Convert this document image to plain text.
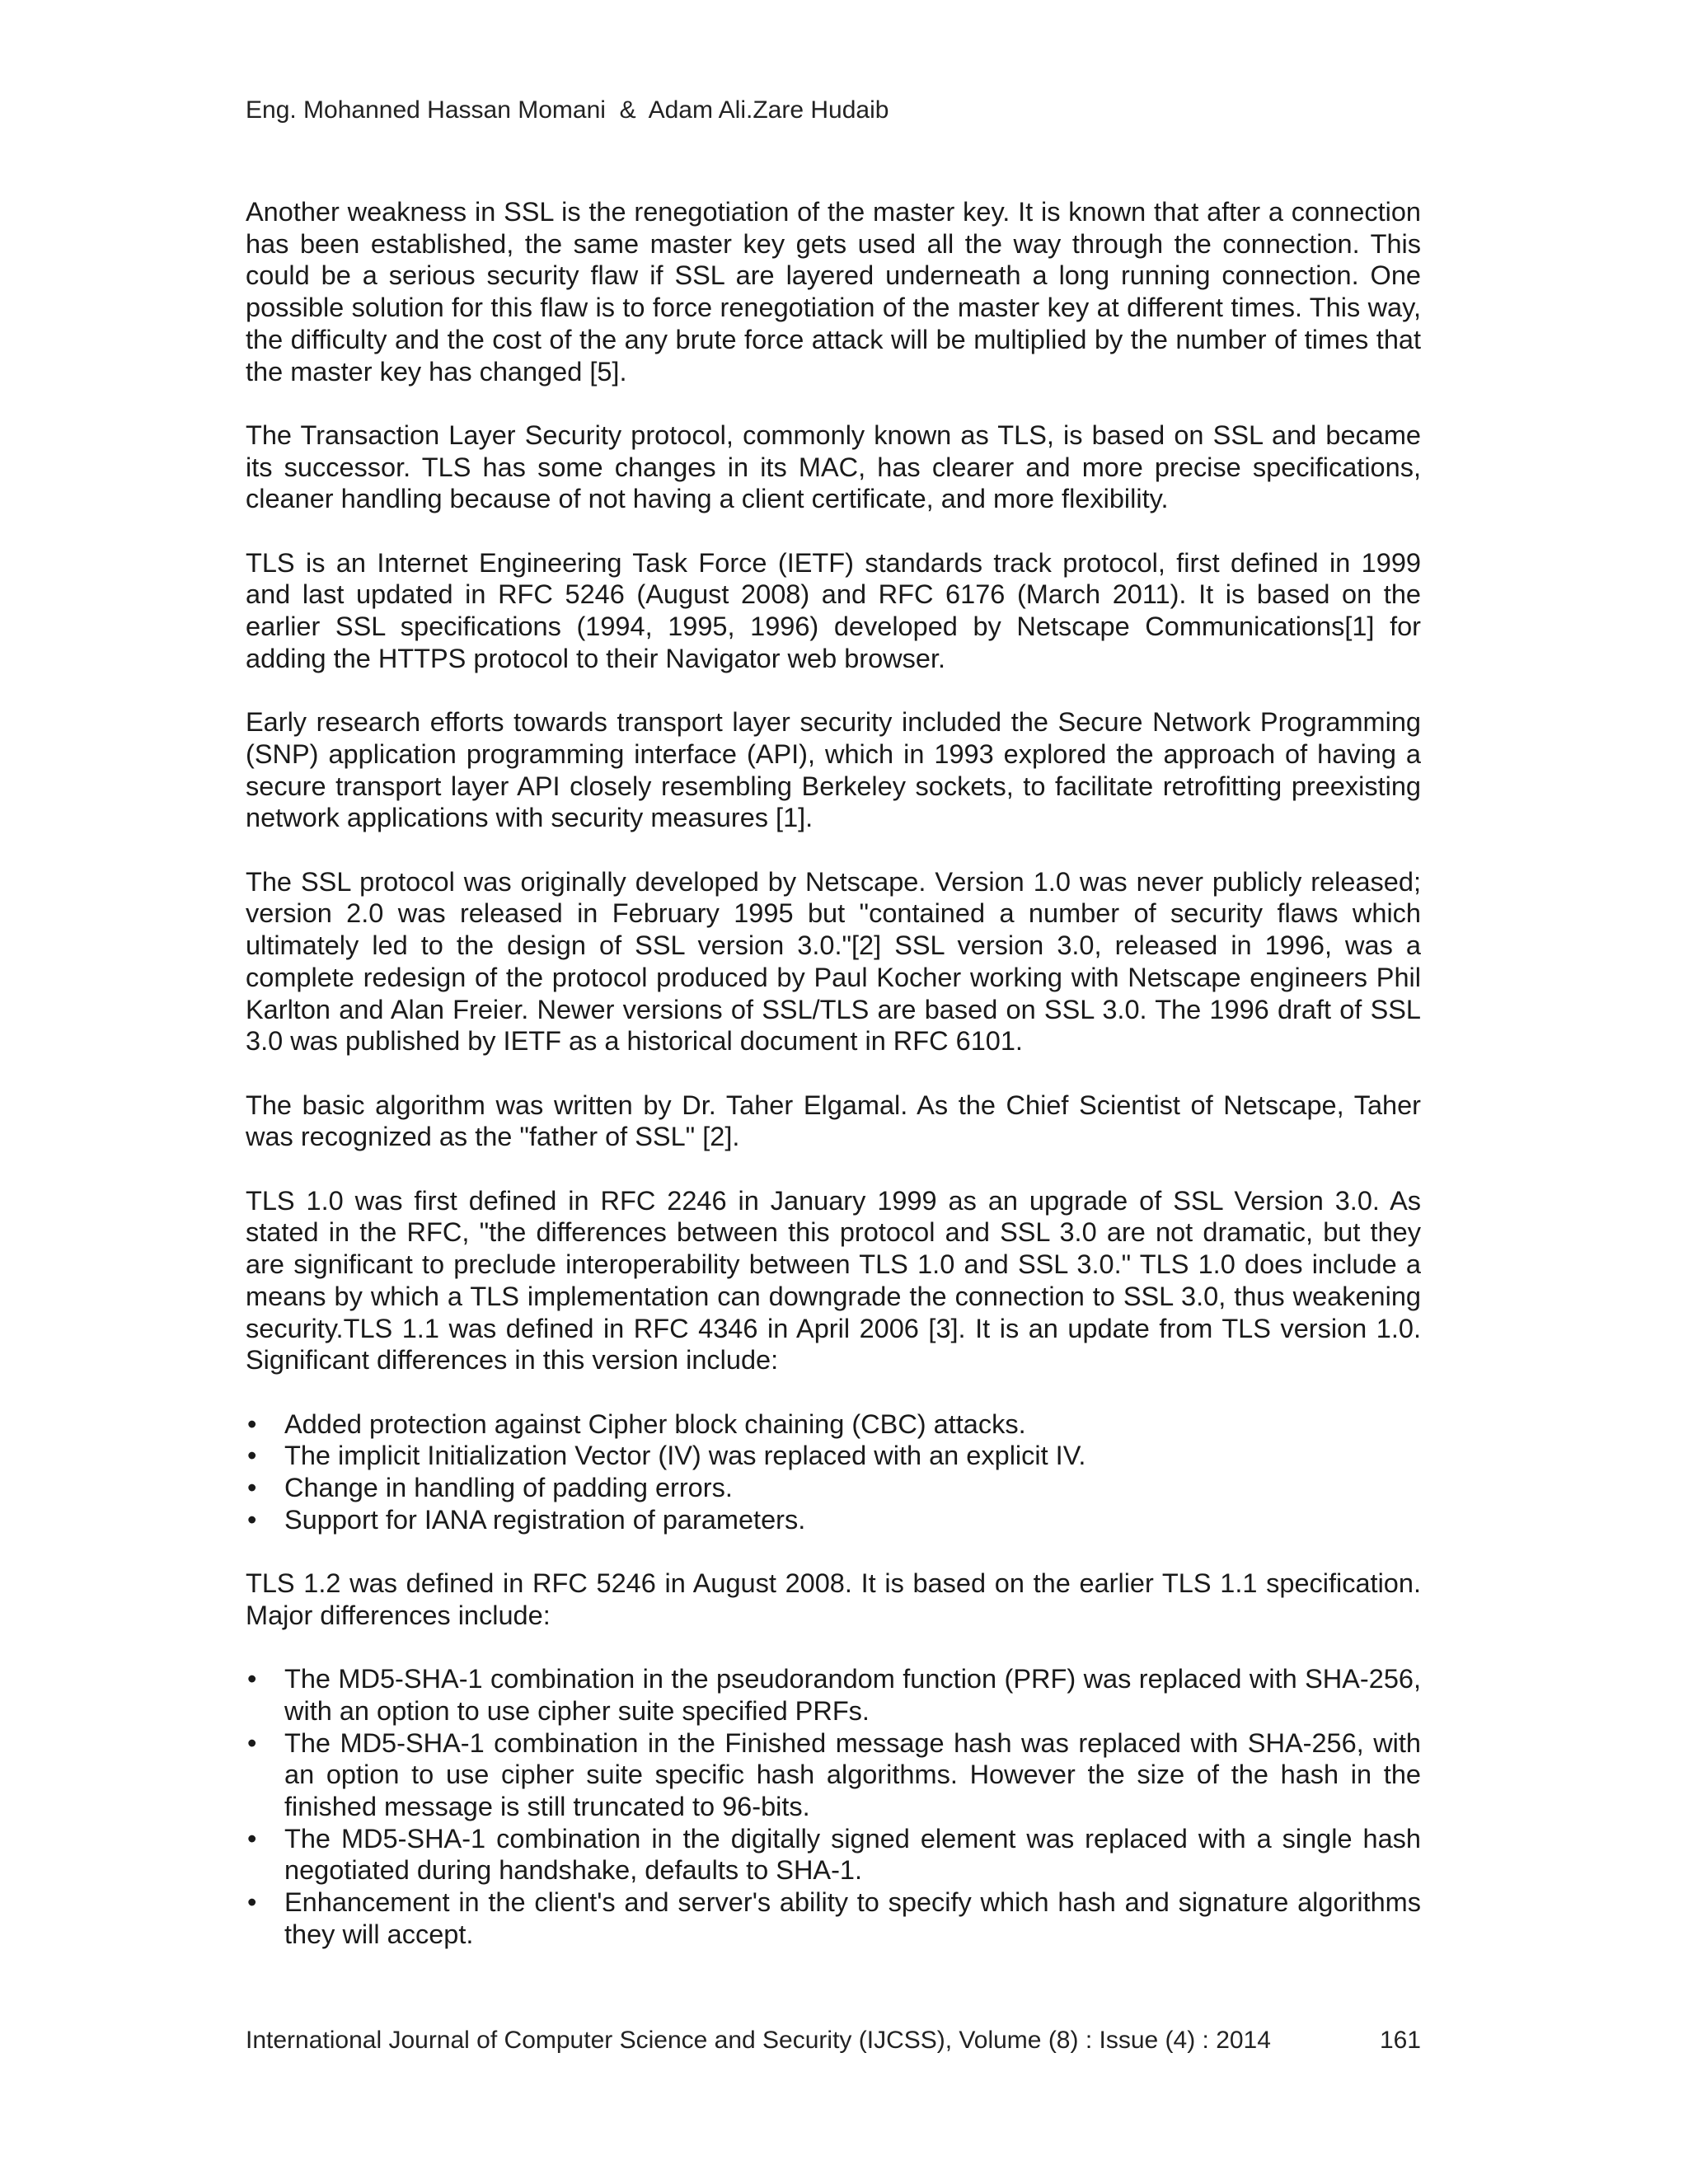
Eng. Mohanned Hassan Momani  &  Adam Ali.Zare Hudaib

Another weakness in SSL is the renegotiation of the master key. It is known that after a connection has been established, the same master key gets used all the way through the connection. This could be a serious security flaw if SSL are layered underneath a long running connection. One possible solution for this flaw is to force renegotiation of the master key at different times. This way, the difficulty and the cost of the any brute force attack will be multiplied by the number of times that the master key has changed [5].

The Transaction Layer Security protocol, commonly known as TLS, is based on SSL and became its successor. TLS has some changes in its MAC, has clearer and more precise specifications, cleaner handling because of not having a client certificate, and more flexibility.

TLS is an Internet Engineering Task Force (IETF) standards track protocol, first defined in 1999 and last updated in RFC 5246 (August 2008) and RFC 6176 (March 2011). It is based on the earlier SSL specifications (1994, 1995, 1996) developed by Netscape Communications[1] for adding the HTTPS protocol to their Navigator web browser.

Early research efforts towards transport layer security included the Secure Network Programming (SNP) application programming interface (API), which in 1993 explored the approach of having a secure transport layer API closely resembling Berkeley sockets, to facilitate retrofitting preexisting network applications with security measures [1].

The SSL protocol was originally developed by Netscape. Version 1.0 was never publicly released; version 2.0 was released in February 1995 but "contained a number of security flaws which ultimately led to the design of SSL version 3.0."[2] SSL version 3.0, released in 1996, was a complete redesign of the protocol produced by Paul Kocher working with Netscape engineers Phil Karlton and Alan Freier. Newer versions of SSL/TLS are based on SSL 3.0. The 1996 draft of SSL 3.0 was published by IETF as a historical document in RFC 6101.

The basic algorithm was written by Dr. Taher Elgamal. As the Chief Scientist of Netscape, Taher was recognized as the "father of SSL" [2].

TLS 1.0 was first defined in RFC 2246 in January 1999 as an upgrade of SSL Version 3.0. As stated in the RFC, "the differences between this protocol and SSL 3.0 are not dramatic, but they are significant to preclude interoperability between TLS 1.0 and SSL 3.0." TLS 1.0 does include a means by which a TLS implementation can downgrade the connection to SSL 3.0, thus weakening security.TLS 1.1 was defined in RFC 4346 in April 2006 [3]. It is an update from TLS version 1.0. Significant differences in this version include:

•	Added protection against Cipher block chaining (CBC) attacks.
•	The implicit Initialization Vector (IV) was replaced with an explicit IV.
•	Change in handling of padding errors.
•	Support for IANA registration of parameters.

TLS 1.2 was defined in RFC 5246 in August 2008. It is based on the earlier TLS 1.1 specification. Major differences include:

•	The MD5-SHA-1 combination in the pseudorandom function (PRF) was replaced with SHA-256, with an option to use cipher suite specified PRFs.
•	The MD5-SHA-1 combination in the Finished message hash was replaced with SHA-256, with an option to use cipher suite specific hash algorithms. However the size of the hash in the finished message is still truncated to 96-bits.
•	The MD5-SHA-1 combination in the digitally signed element was replaced with a single hash negotiated during handshake, defaults to SHA-1.
•	Enhancement in the client's and server's ability to specify which hash and signature algorithms they will accept.
International Journal of Computer Science and Security (IJCSS), Volume (8) : Issue (4) : 2014	161
